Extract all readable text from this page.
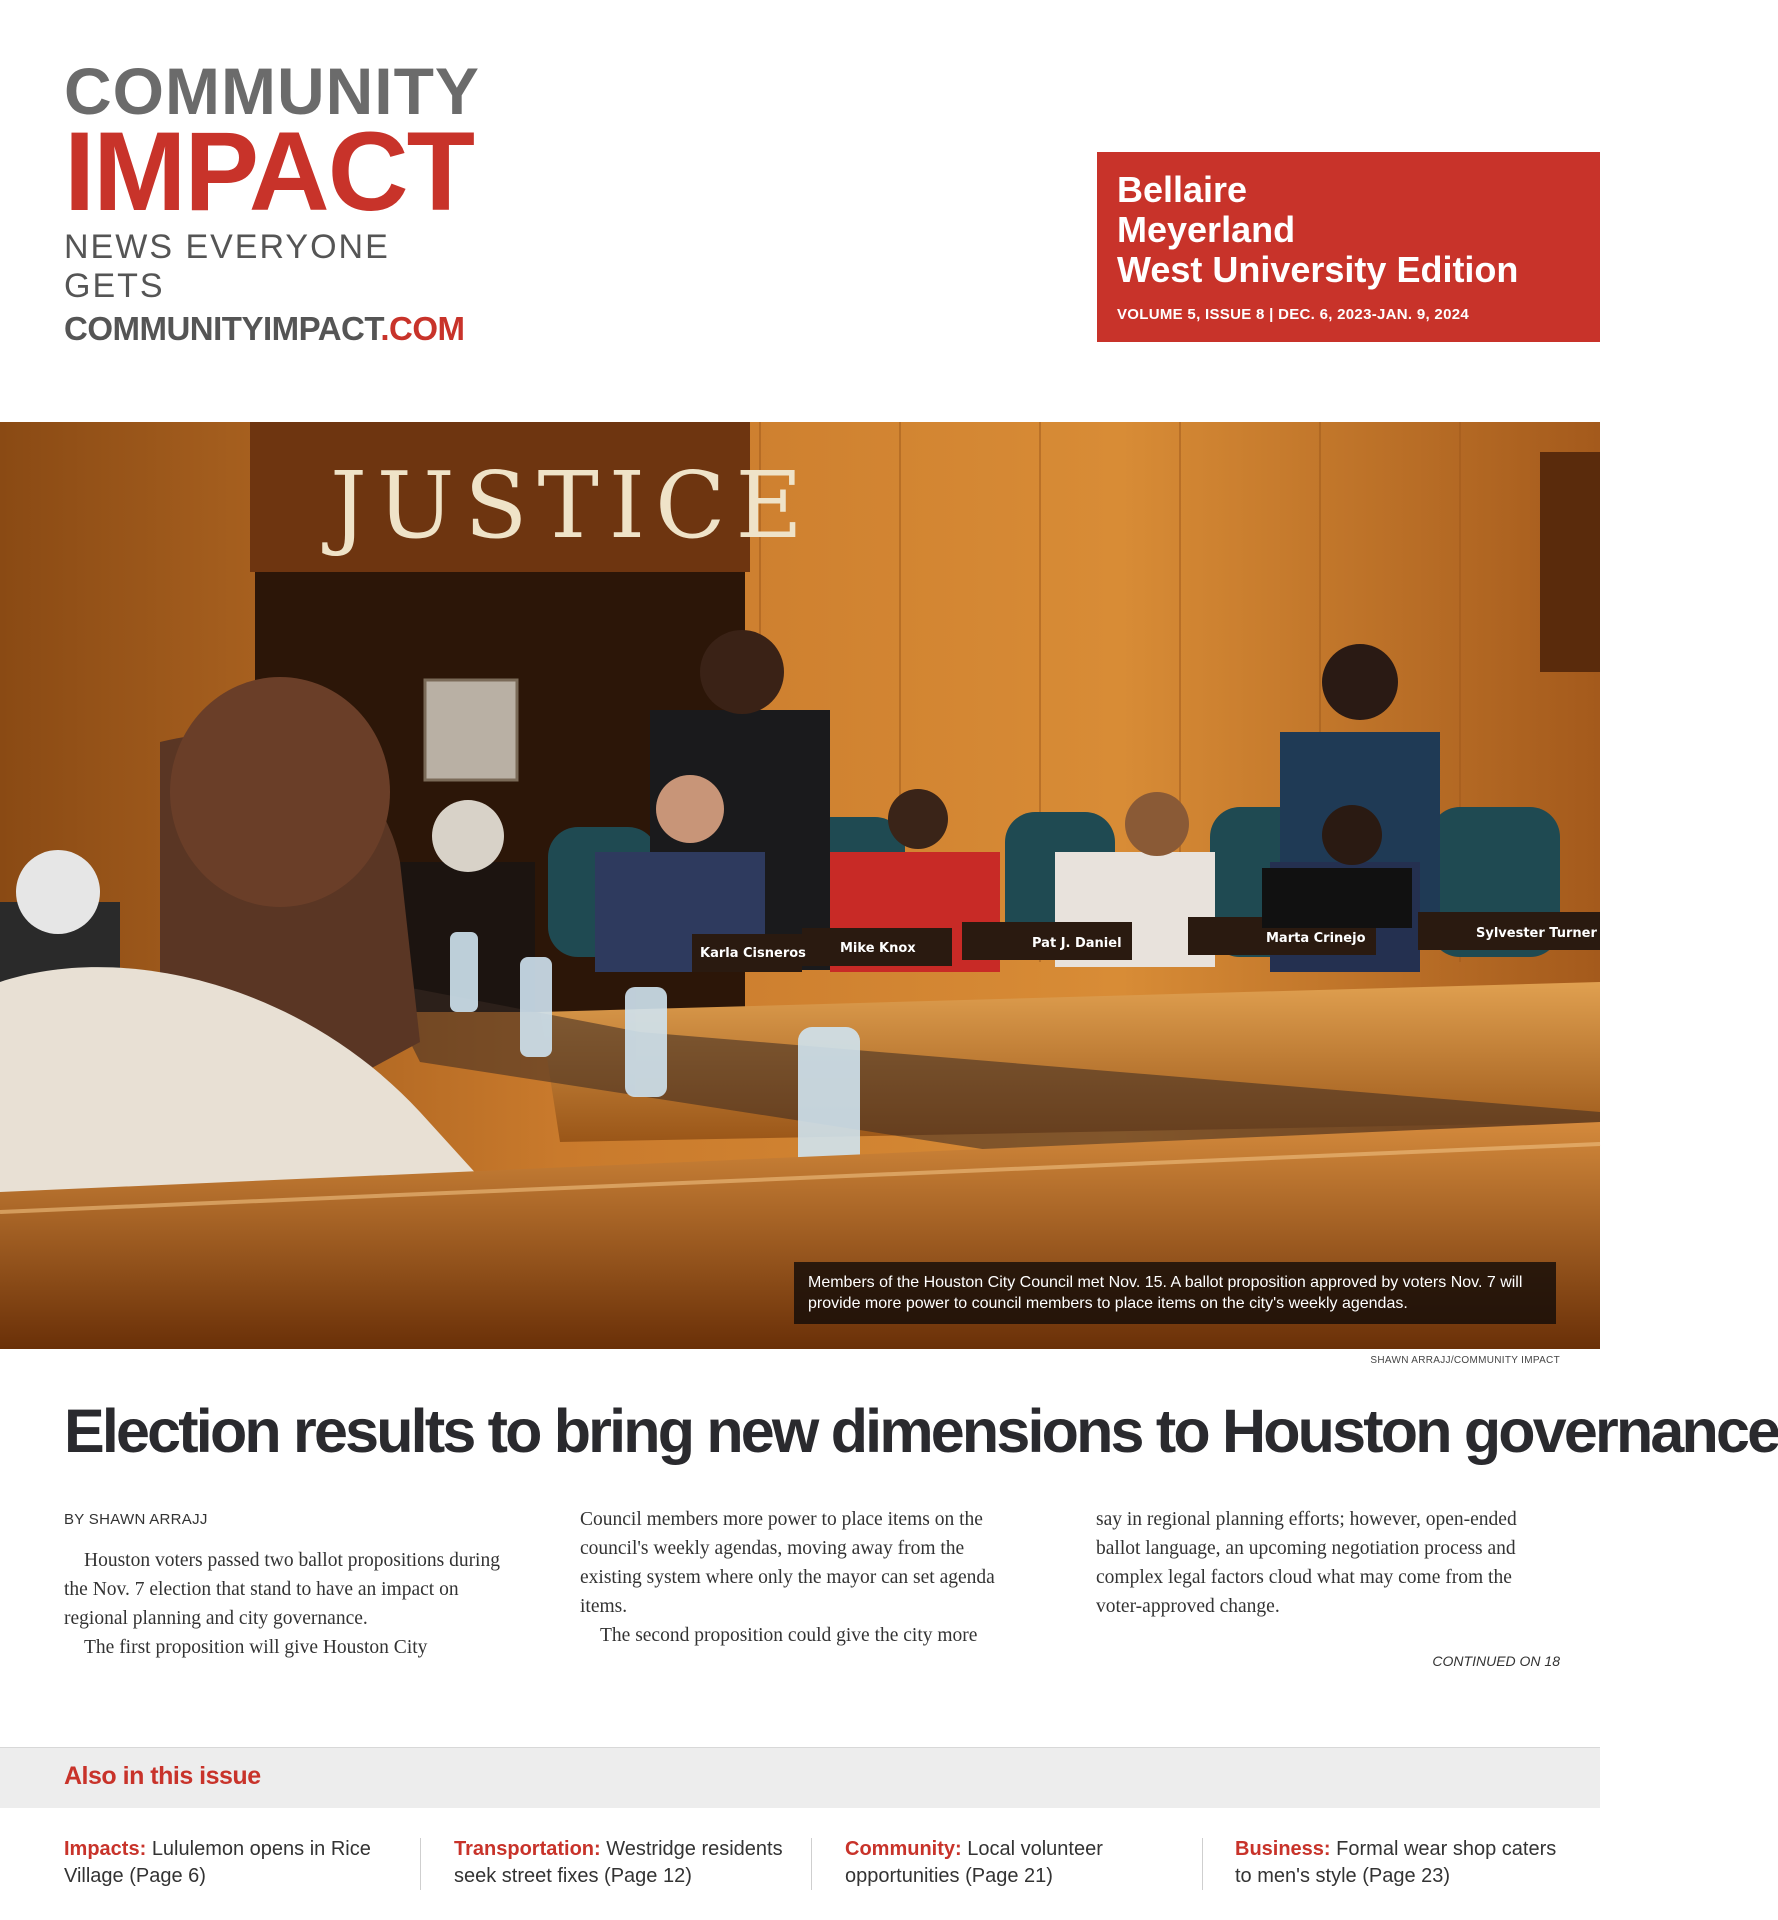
COMMUNITY
IMPACT
NEWS EVERYONE GETS
COMMUNITYIMPACT.COM
Bellaire
Meyerland
West University Edition
VOLUME 5, ISSUE 8 | DEC. 6, 2023-JAN. 9, 2024
JUSTICE
Karla Cisneros	Mike Knox	Pat J. Daniel	Marta Crinejo	Sylvester Turner
Members of the Houston City Council met Nov. 15. A ballot proposition approved by voters Nov. 7 will provide more power to council members to place items on the city's weekly agendas.
SHAWN ARRAJJ/COMMUNITY IMPACT
Election results to bring new dimensions to Houston governance
BY SHAWN ARRAJJ

Houston voters passed two ballot propositions during the Nov. 7 election that stand to have an impact on regional planning and city governance.

The first proposition will give Houston City

Council members more power to place items on the council's weekly agendas, moving away from the existing system where only the mayor can set agenda items.

The second proposition could give the city more

say in regional planning efforts; however, open-ended ballot language, an upcoming negotiation process and complex legal factors cloud what may come from the voter-approved change.

CONTINUED ON 18
Also in this issue
Impacts: Lululemon opens in Rice Village (Page 6)
Transportation: Westridge residents seek street fixes (Page 12)
Community: Local volunteer opportunities (Page 21)
Business: Formal wear shop caters to men's style (Page 23)
